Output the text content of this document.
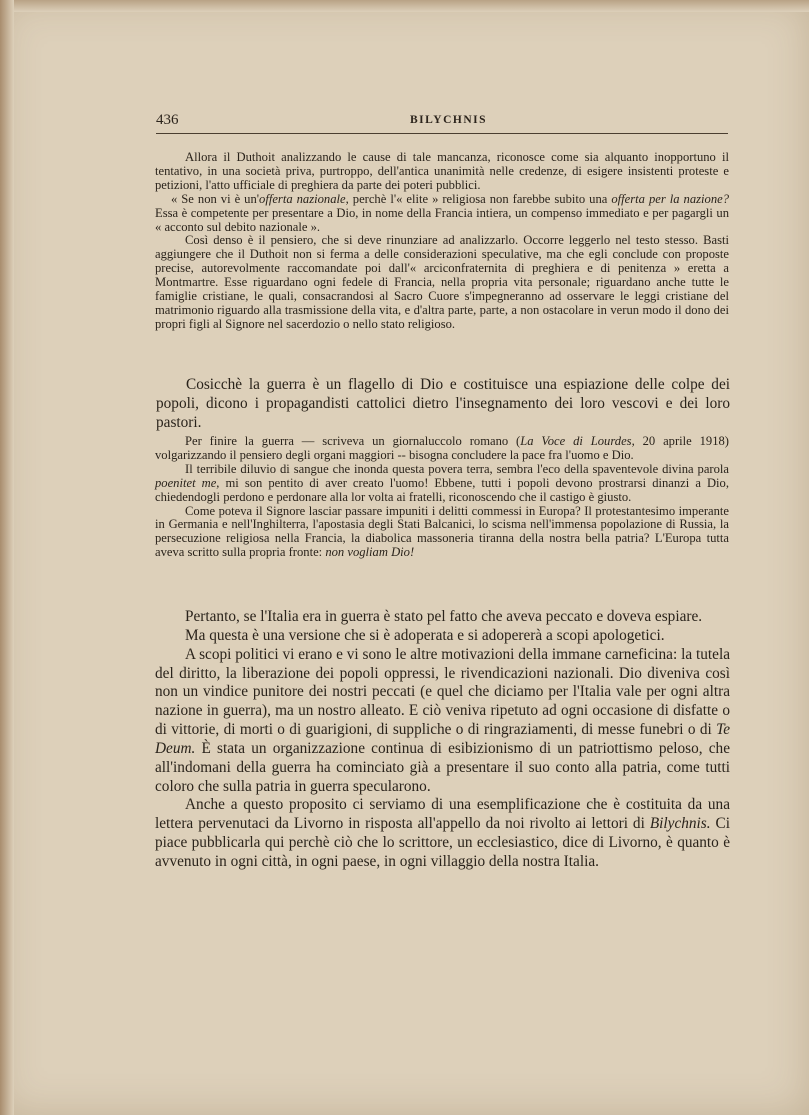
436	BILYCHNIS

Allora il Duthoit analizzando le cause di tale mancanza, riconosce come sia alquanto inopportuno il tentativo, in una società priva, purtroppo, dell'antica unanimità nelle credenze, di esigere insistenti proteste e petizioni, l'atto ufficiale di preghiera da parte dei poteri pubblici.

« Se non vi è un'offerta nazionale, perchè l'« elite » religiosa non farebbe subito una offerta per la nazione? Essa è competente per presentare a Dio, in nome della Francia intiera, un compenso immediato e per pagargli un « acconto sul debito nazionale ».

Così denso è il pensiero, che si deve rinunziare ad analizzarlo. Occorre leggerlo nel testo stesso. Basti aggiungere che il Duthoit non si ferma a delle considerazioni speculative, ma che egli conclude con proposte precise, autorevolmente raccomandate poi dall'« arciconfraternita di preghiera e di penitenza » eretta a Montmartre. Esse riguardano ogni fedele di Francia, nella propria vita personale; riguardano anche tutte le famiglie cristiane, le quali, consacrandosi al Sacro Cuore s'impegneranno ad osservare le leggi cristiane del matrimonio riguardo alla trasmissione della vita, e d'altra parte, parte, a non ostacolare in verun modo il dono dei propri figli al Signore nel sacerdozio o nello stato religioso.

Cosicchè la guerra è un flagello di Dio e costituisce una espiazione delle colpe dei popoli, dicono i propagandisti cattolici dietro l'insegnamento dei loro vescovi e dei loro pastori.

Per finire la guerra — scriveva un giornaluccolo romano (La Voce di Lourdes, 20 aprile 1918) volgarizzando il pensiero degli organi maggiori -- bisogna concludere la pace fra l'uomo e Dio.

Il terribile diluvio di sangue che inonda questa povera terra, sembra l'eco della spaventevole divina parola poenitet me, mi son pentito di aver creato l'uomo! Ebbene, tutti i popoli devono prostrarsi dinanzi a Dio, chiedendogli perdono e perdonare alla lor volta ai fratelli, riconoscendo che il castigo è giusto.

Come poteva il Signore lasciar passare impuniti i delitti commessi in Europa? Il protestantesimo imperante in Germania e nell'Inghilterra, l'apostasia degli Stati Balcanici, lo scisma nell'immensa popolazione di Russia, la persecuzione religiosa nella Francia, la diabolica massoneria tiranna della nostra bella patria? L'Europa tutta aveva scritto sulla propria fronte: non vogliam Dio!

Pertanto, se l'Italia era in guerra è stato pel fatto che aveva peccato e doveva espiare.

Ma questa è una versione che si è adoperata e si adopererà a scopi apologetici.

A scopi politici vi erano e vi sono le altre motivazioni della immane carneficina: la tutela del diritto, la liberazione dei popoli oppressi, le rivendicazioni nazionali. Dio diveniva così non un vindice punitore dei nostri peccati (e quel che diciamo per l'Italia vale per ogni altra nazione in guerra), ma un nostro alleato. E ciò veniva ripetuto ad ogni occasione di disfatte o di vittorie, di morti o di guarigioni, di suppliche o di ringraziamenti, di messe funebri o di Te Deum. È stata un organizzazione continua di esibizionismo di un patriottismo peloso, che all'indomani della guerra ha cominciato già a presentare il suo conto alla patria, come tutti coloro che sulla patria in guerra specularono.

Anche a questo proposito ci serviamo di una esemplificazione che è costituita da una lettera pervenutaci da Livorno in risposta all'appello da noi rivolto ai lettori di Bilychnis. Ci piace pubblicarla qui perchè ciò che lo scrittore, un ecclesiastico, dice di Livorno, è quanto è avvenuto in ogni città, in ogni paese, in ogni villaggio della nostra Italia.
